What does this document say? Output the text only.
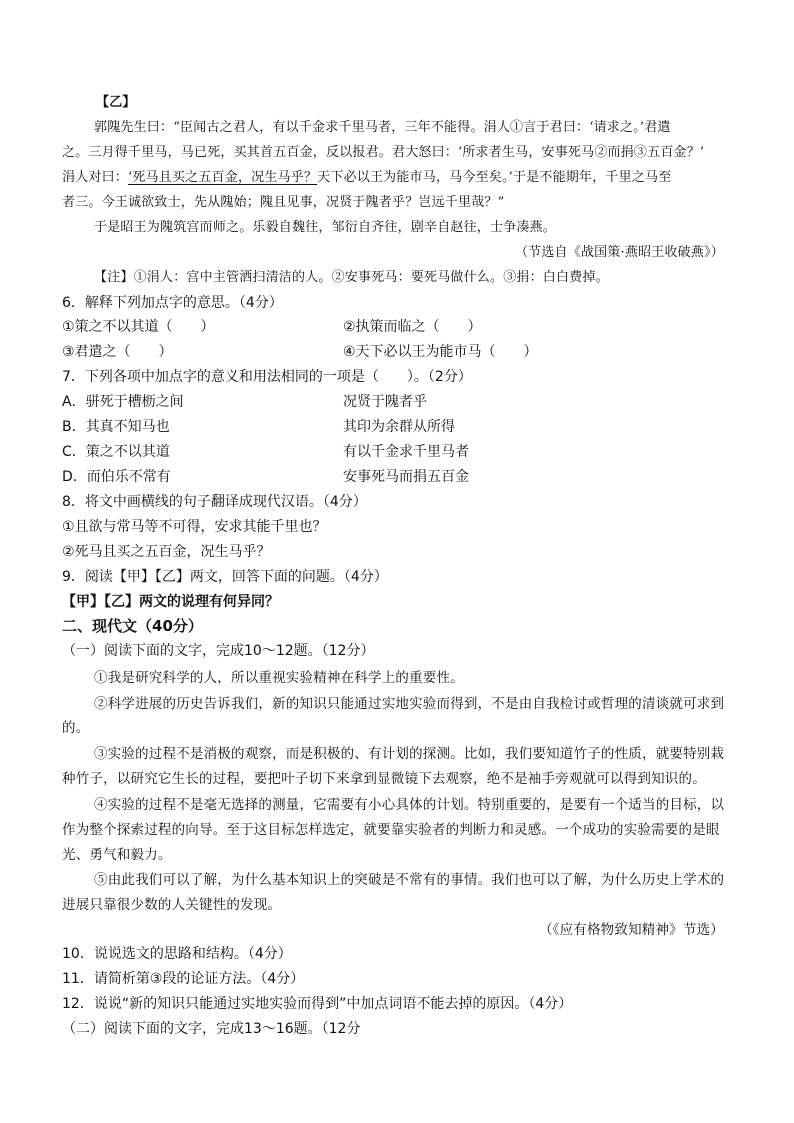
【乙】
郭隗先生曰：“臣闻古之君人，有以千金求千里马者，三年不能得。涓人①言于君曰：‘请求之。’君遣
之。三月得千里马，马已死，买其首五百金，反以报君。君大怒曰：‘所求者生马，安事死马②而捐③五百金？’
涓人对曰：‘死马且买之五百金，况生马乎？天下必以王为能市马，马今至矣。’于是不能期年，千里之马至
者三。今王诚欲致士，先从隗始；隗且见事，况贤于隗者乎？岂远千里哉？”
于是昭王为隗筑宫而师之。乐毅自魏往，邹衍自齐往，剧辛自赵往，士争凑燕。
（节选自《战国策·燕昭王收破燕》）
【注】①涓人：宫中主管洒扫清洁的人。②安事死马：要死马做什么。③捐：白白费掉。
6．解释下列加点字的意思。（4分）
①策之不以其道（　　）	②执策而临之（　　）
③君遣之（　　）	④天下必以王为能市马（　　）
7．下列各项中加点字的意义和用法相同的一项是（　　）。（2分）
A．骈死于槽枥之间	况贤于隗者乎
B．其真不知马也	其印为余群从所得
C．策之不以其道	有以千金求千里马者
D．而伯乐不常有	安事死马而捐五百金
8．将文中画横线的句子翻译成现代汉语。（4分）
①且欲与常马等不可得，安求其能千里也？
②死马且买之五百金，况生马乎？
9．阅读【甲】【乙】两文，回答下面的问题。（4分）
【甲】【乙】两文的说理有何异同？
二、现代文（40分）
（一）阅读下面的文字，完成10～12题。（12分）
①我是研究科学的人，所以重视实验精神在科学上的重要性。
②科学进展的历史告诉我们，新的知识只能通过实地实验而得到，不是由自我检讨或哲理的清谈就可求到
的。
③实验的过程不是消极的观察，而是积极的、有计划的探测。比如，我们要知道竹子的性质，就要特别栽
种竹子，以研究它生长的过程，要把叶子切下来拿到显微镜下去观察，绝不是袖手旁观就可以得到知识的。
④实验的过程不是毫无选择的测量，它需要有小心具体的计划。特别重要的，是要有一个适当的目标，以
作为整个探索过程的向导。至于这目标怎样选定，就要靠实验者的判断力和灵感。一个成功的实验需要的是眼
光、勇气和毅力。
⑤由此我们可以了解，为什么基本知识上的突破是不常有的事情。我们也可以了解，为什么历史上学术的
进展只靠很少数的人关键性的发现。
（《应有格物致知精神》节选）
10．说说选文的思路和结构。（4分）
11．请简析第③段的论证方法。（4分）
12．说说“新的知识只能通过实地实验而得到”中加点词语不能去掉的原因。（4分）
（二）阅读下面的文字，完成13～16题。（12分
